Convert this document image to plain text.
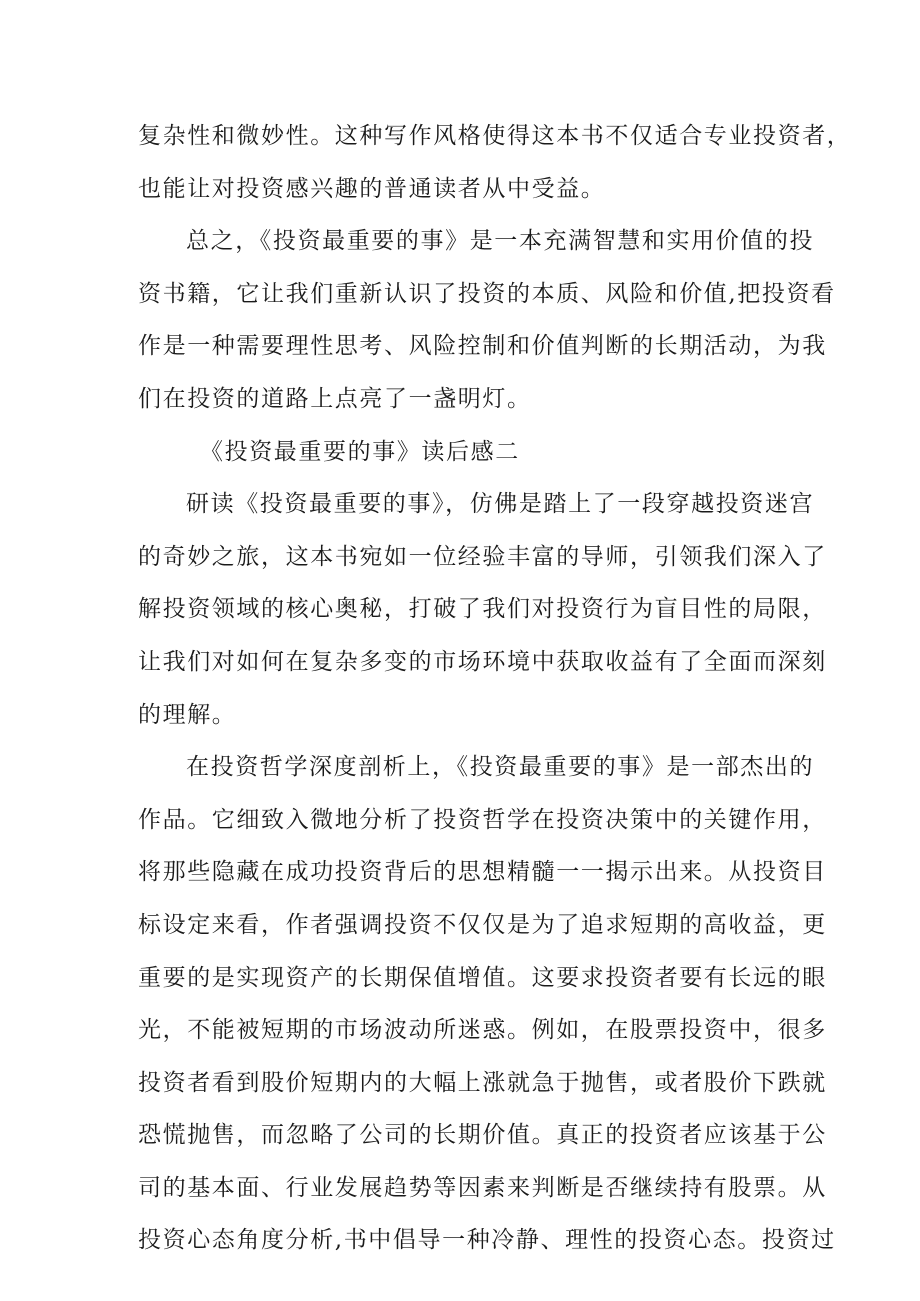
复杂性和微妙性。这种写作风格使得这本书不仅适合专业投资者，
也能让对投资感兴趣的普通读者从中受益。
总之，《投资最重要的事》是一本充满智慧和实用价值的投
资书籍，它让我们重新认识了投资的本质、风险和价值,把投资看
作是一种需要理性思考、风险控制和价值判断的长期活动，为我
们在投资的道路上点亮了一盏明灯。
《投资最重要的事》读后感二
研读《投资最重要的事》，仿佛是踏上了一段穿越投资迷宫
的奇妙之旅，这本书宛如一位经验丰富的导师，引领我们深入了
解投资领域的核心奥秘，打破了我们对投资行为盲目性的局限，
让我们对如何在复杂多变的市场环境中获取收益有了全面而深刻
的理解。
在投资哲学深度剖析上，《投资最重要的事》是一部杰出的
作品。它细致入微地分析了投资哲学在投资决策中的关键作用，
将那些隐藏在成功投资背后的思想精髓一一揭示出来。从投资目
标设定来看，作者强调投资不仅仅是为了追求短期的高收益，更
重要的是实现资产的长期保值增值。这要求投资者要有长远的眼
光，不能被短期的市场波动所迷惑。例如，在股票投资中，很多
投资者看到股价短期内的大幅上涨就急于抛售，或者股价下跌就
恐慌抛售，而忽略了公司的长期价值。真正的投资者应该基于公
司的基本面、行业发展趋势等因素来判断是否继续持有股票。从
投资心态角度分析,书中倡导一种冷静、理性的投资心态。投资过
